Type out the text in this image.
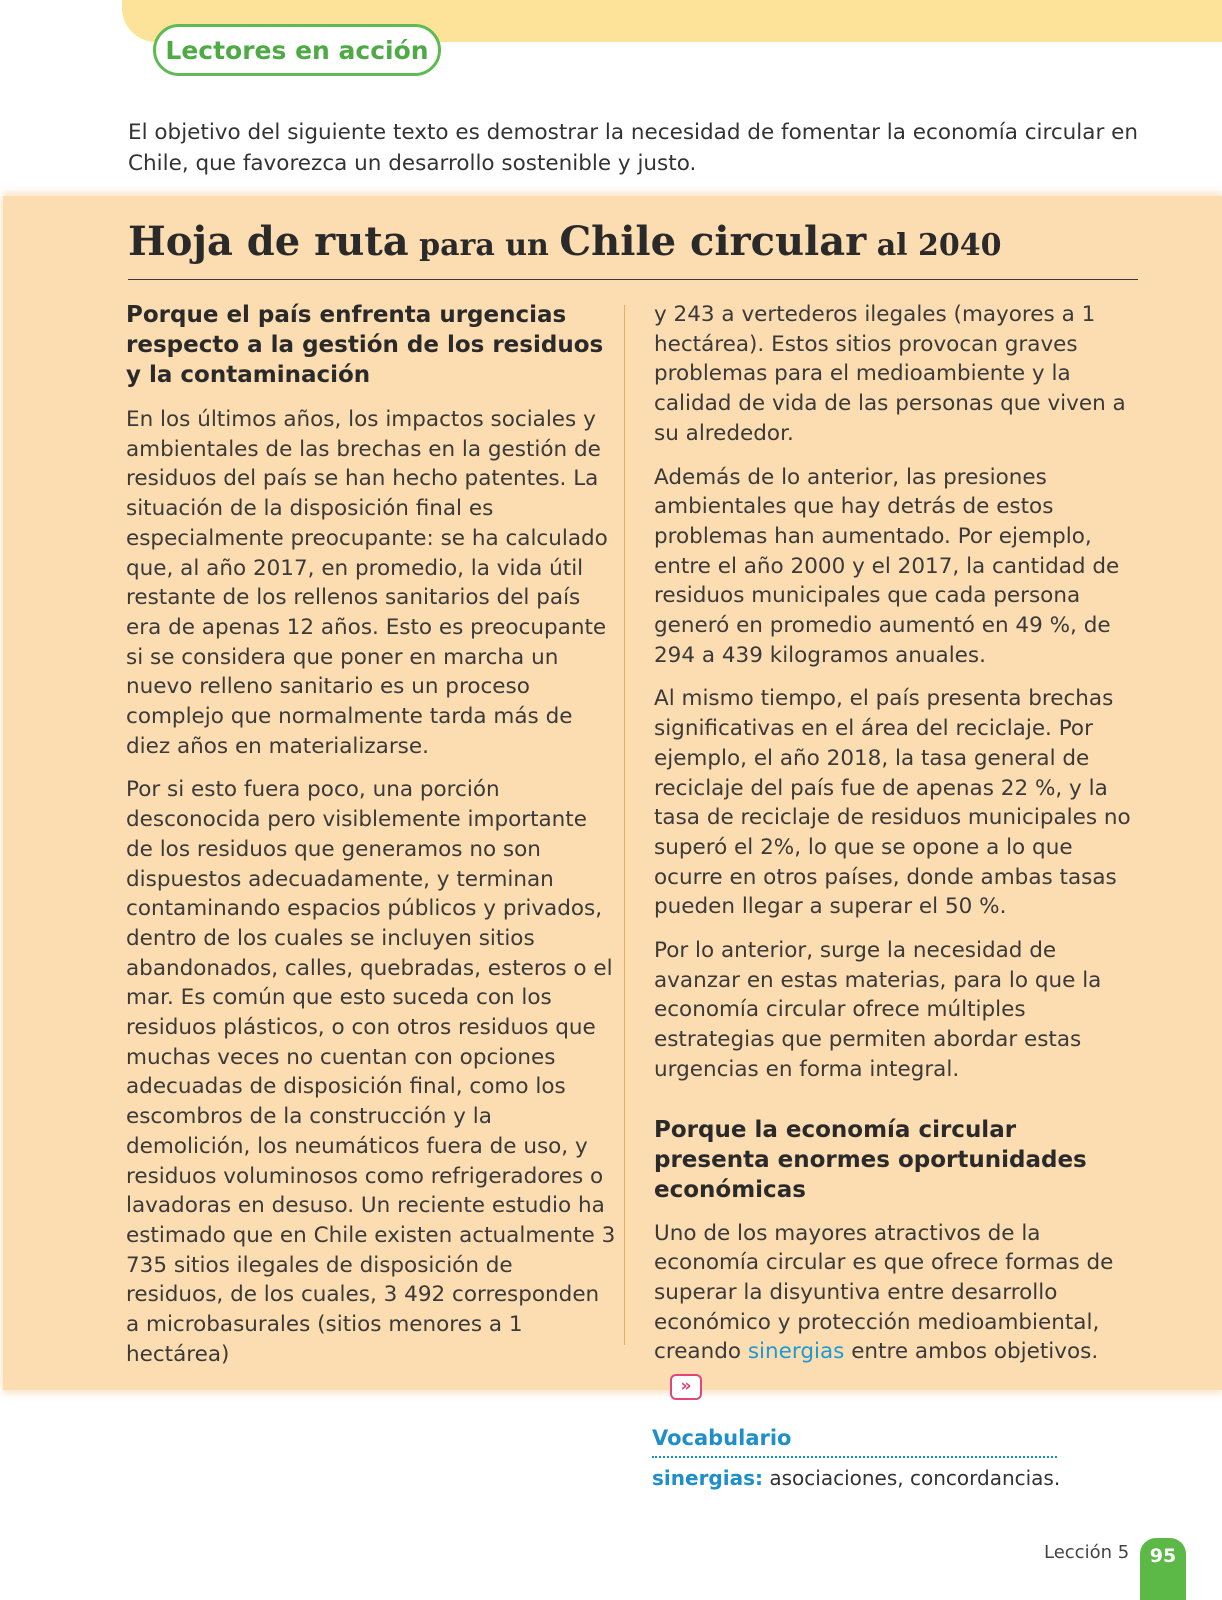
Lectores en acción

El objetivo del siguiente texto es demostrar la necesidad de fomentar la economía circular en Chile, que favorezca un desarrollo sostenible y justo.

Hoja de ruta para un Chile circular al 2040
Porque el país enfrenta urgencias respecto a la gestión de los residuos y la contaminación

En los últimos años, los impactos sociales y ambientales de las brechas en la gestión de residuos del país se han hecho patentes. La situación de la disposición final es especialmente preocupante: se ha calculado que, al año 2017, en promedio, la vida útil restante de los rellenos sanitarios del país era de apenas 12 años. Esto es preocupante si se considera que poner en marcha un nuevo relleno sanitario es un proceso complejo que normalmente tarda más de diez años en materializarse.

Por si esto fuera poco, una porción desconocida pero visiblemente importante de los residuos que generamos no son dispuestos adecuadamente, y terminan contaminando espacios públicos y privados, dentro de los cuales se incluyen sitios abandonados, calles, quebradas, esteros o el mar. Es común que esto suceda con los residuos plásticos, o con otros residuos que muchas veces no cuentan con opciones adecuadas de disposición final, como los escombros de la construcción y la demolición, los neumáticos fuera de uso, y residuos voluminosos como refrigeradores o lavadoras en desuso. Un reciente estudio ha estimado que en Chile existen actualmente 3 735 sitios ilegales de disposición de residuos, de los cuales, 3 492 corresponden a microbasurales (sitios menores a 1 hectárea)

y 243 a vertederos ilegales (mayores a 1 hectárea). Estos sitios provocan graves problemas para el medioambiente y la calidad de vida de las personas que viven a su alrededor.

Además de lo anterior, las presiones ambientales que hay detrás de estos problemas han aumentado. Por ejemplo, entre el año 2000 y el 2017, la cantidad de residuos municipales que cada persona generó en promedio aumentó en 49 %, de 294 a 439 kilogramos anuales.

Al mismo tiempo, el país presenta brechas significativas en el área del reciclaje. Por ejemplo, el año 2018, la tasa general de reciclaje del país fue de apenas 22 %, y la tasa de reciclaje de residuos municipales no superó el 2%, lo que se opone a lo que ocurre en otros países, donde ambas tasas pueden llegar a superar el 50 %.

Por lo anterior, surge la necesidad de avanzar en estas materias, para lo que la economía circular ofrece múltiples estrategias que permiten abordar estas urgencias en forma integral.

Porque la economía circular presenta enormes oportunidades económicas

Uno de los mayores atractivos de la economía circular es que ofrece formas de superar la disyuntiva entre desarrollo económico y protección medioambiental, creando sinergias entre ambos objetivos.»

Vocabulario
sinergias: asociaciones, concordancias.
Lección 5	95
